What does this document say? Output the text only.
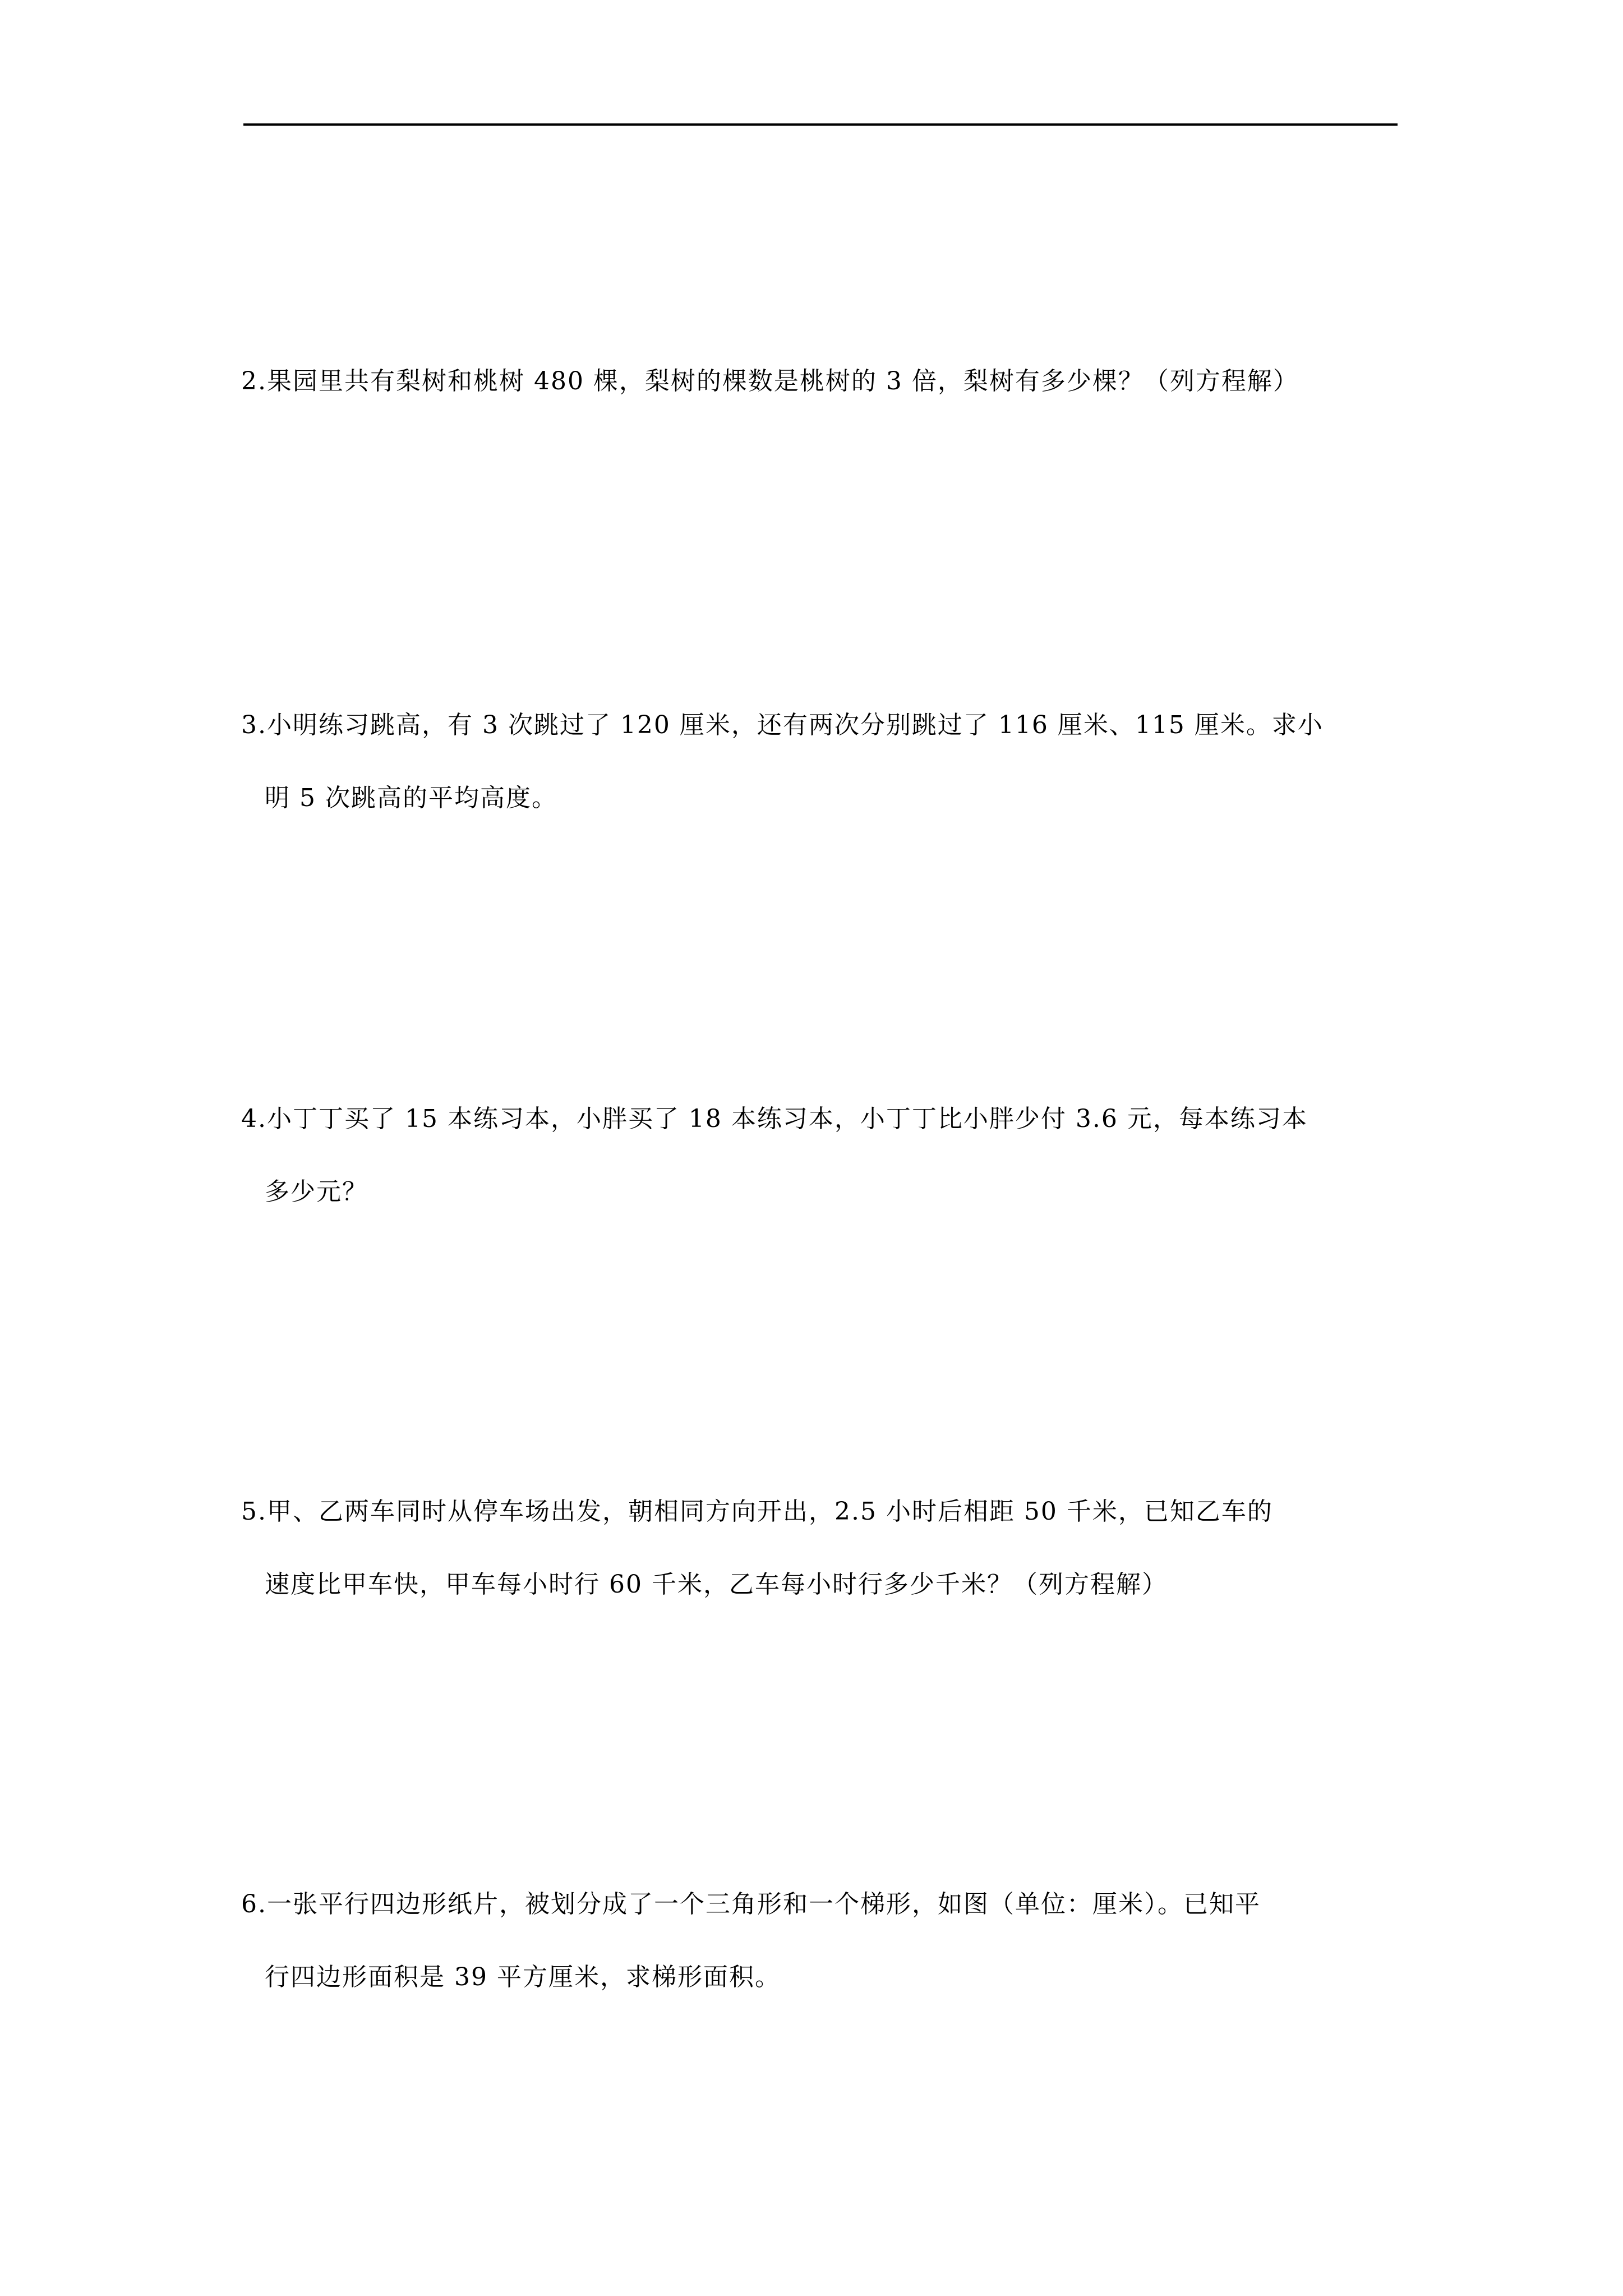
2.果园里共有梨树和桃树 480 棵，梨树的棵数是桃树的 3 倍，梨树有多少棵？（列方程解）
3.小明练习跳高，有 3 次跳过了 120 厘米，还有两次分别跳过了 116 厘米、115 厘米。求小
明 5 次跳高的平均高度。
4.小丁丁买了 15 本练习本，小胖买了 18 本练习本，小丁丁比小胖少付 3.6 元，每本练习本
多少元？
5.甲、乙两车同时从停车场出发，朝相同方向开出，2.5 小时后相距 50 千米，已知乙车的
速度比甲车快，甲车每小时行 60 千米，乙车每小时行多少千米？（列方程解）
6.一张平行四边形纸片，被划分成了一个三角形和一个梯形，如图（单位：厘米）。已知平
行四边形面积是 39 平方厘米，求梯形面积。
